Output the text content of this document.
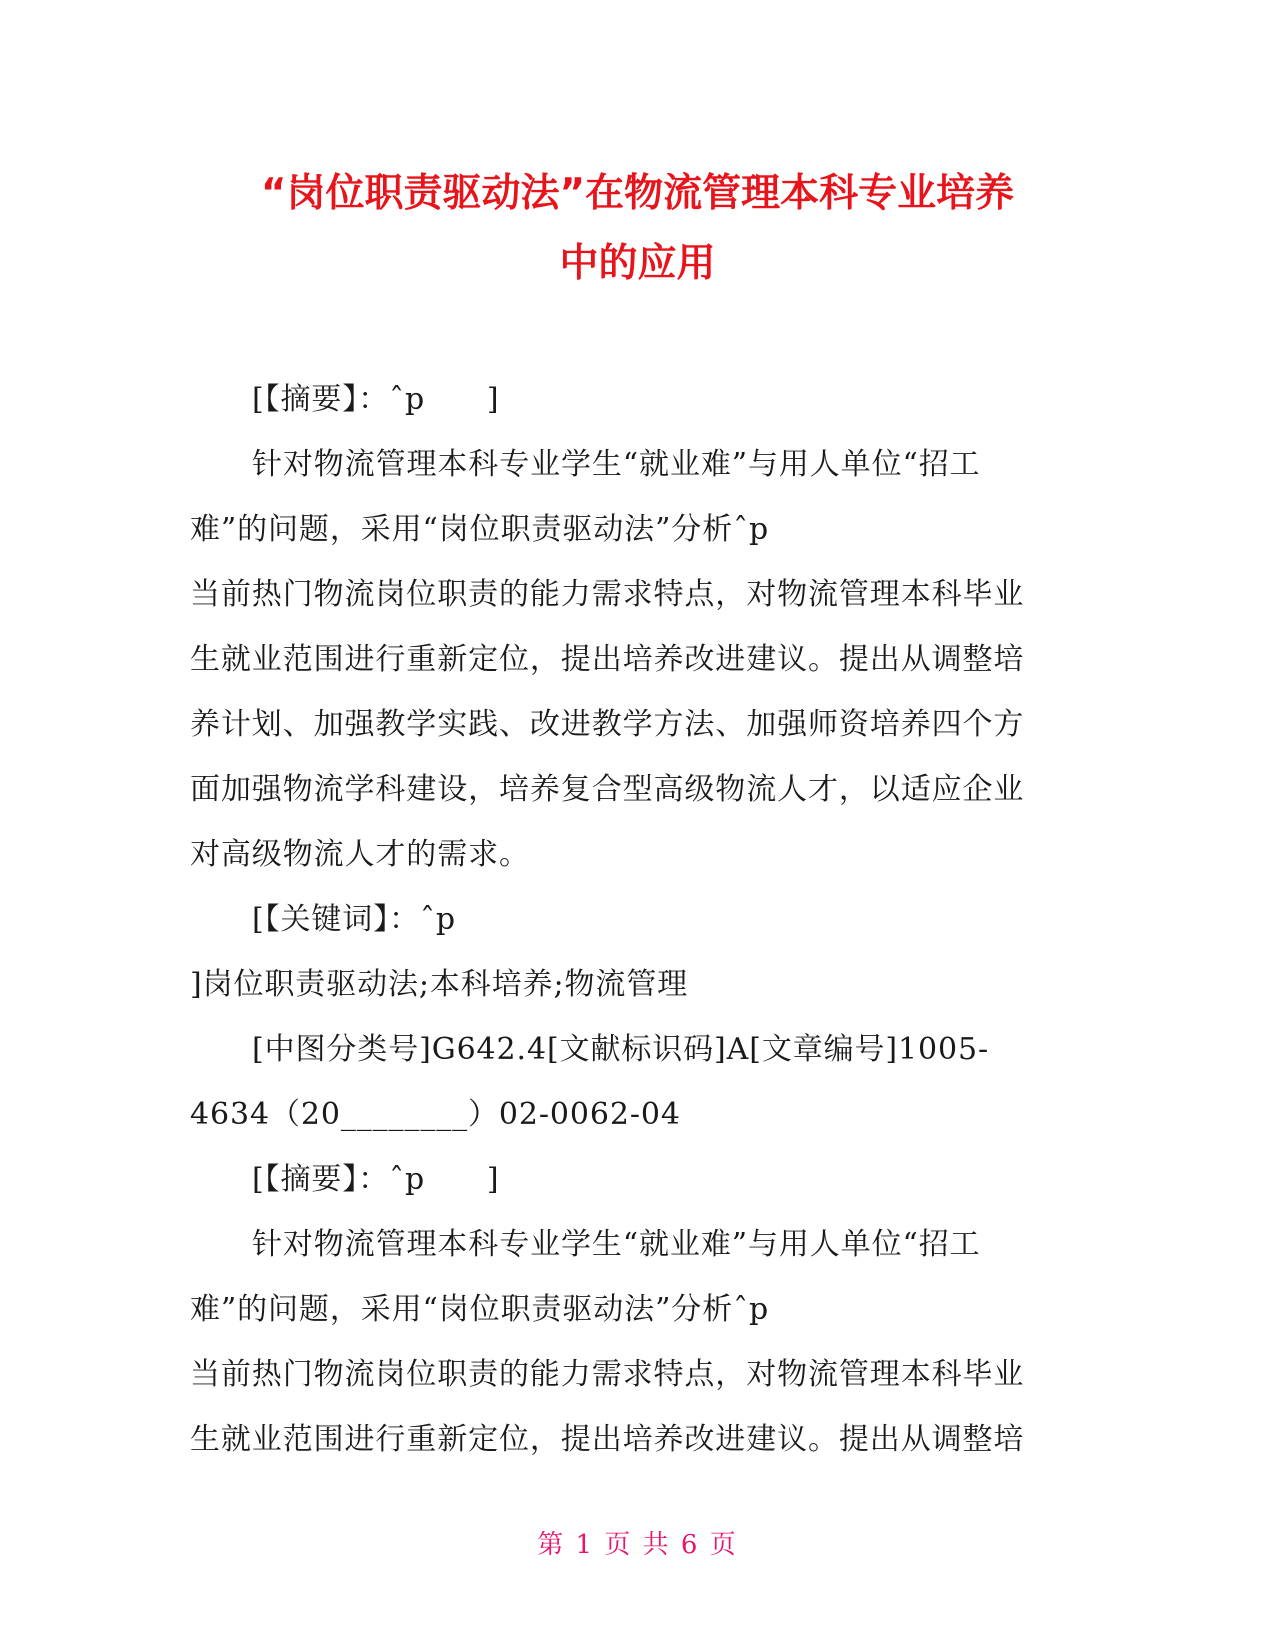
“岗位职责驱动法”在物流管理本科专业培养
中的应用

[【摘要】：ˆp　　]

针对物流管理本科专业学生“就业难”与用人单位“招工

难”的问题，采用“岗位职责驱动法”分析ˆp

当前热门物流岗位职责的能力需求特点，对物流管理本科毕业

生就业范围进行重新定位，提出培养改进建议。提出从调整培

养计划、加强教学实践、改进教学方法、加强师资培养四个方

面加强物流学科建设，培养复合型高级物流人才，以适应企业

对高级物流人才的需求。

[【关键词】：ˆp

]岗位职责驱动法;本科培养;物流管理

[中图分类号]G642.4[文献标识码]A[文章编号]1005-

4634（20________）02-0062-04

[【摘要】：ˆp　　]

针对物流管理本科专业学生“就业难”与用人单位“招工

难”的问题，采用“岗位职责驱动法”分析ˆp

当前热门物流岗位职责的能力需求特点，对物流管理本科毕业

生就业范围进行重新定位，提出培养改进建议。提出从调整培

第 1 页 共 6 页
